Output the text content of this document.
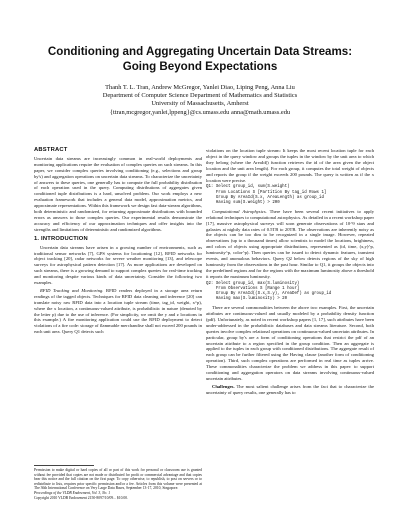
Conditioning and Aggregating Uncertain Data Streams:
Going Beyond Expectations
Thanh T. L. Tran, Andrew McGregor, Yanlei Diao, Liping Peng, Anna Liu
Department of Computer Science Department of Mathematics and Statistics
University of Massachusetts, Amherst
{ttran,mcgregor,yanlei,lppeng}@cs.umass.edu anna@math.umass.edu
ABSTRACT

Uncertain data streams are increasingly common in real-world deployments and monitoring applications require the evaluation of complex queries on such streams. In this paper, we consider complex queries involving conditioning (e.g., selections and group by's) and aggregation operations on uncertain data streams. To characterize the uncertainty of answers to these queries, one generally has to compute the full probability distribution of each operation used in the query. Computing distributions of aggregates given conditioned tuple distributions is a hard, unsolved problem. Our work employs a new evaluation framework that includes a general data model, approximation metrics, and approximate representations. Within this framework we design fast data-stream algorithms, both deterministic and randomized, for returning approximate distributions with bounded errors as answers to those complex queries. Our experimental results demonstrate the accuracy and efficiency of our approximation techniques and offer insights into the strengths and limitations of deterministic and randomized algorithms.

1. INTRODUCTION

Uncertain data streams have arisen in a growing number of environments, such as traditional sensor networks [7], GPS systems for locationing [12], RFID networks for object tracking [20], radar networks for severe weather monitoring [13], and telescope surveys for astrophysical pattern detection [17]. As more applications are developed on such streams, there is a growing demand to support complex queries for real-time tracking and monitoring despite various kinds of data uncertainty. Consider the following two examples.

RFID Tracking and Monitoring. RFID readers deployed in a storage area return readings of the tagged objects. Techniques for RFID data cleaning and inference [20] can translate noisy raw RFID data into a location tuple stream (time, tag_id, weight, x^p), where the x location, a continuous-valued attribute, is probabilistic in nature (denoted by the letter p) due to the use of inference. (For simplicity, we omit the y and z locations in this example.) A fire monitoring application could use the RFID deployment to detect violations of a fire code: storage of flammable merchandise shall not exceed 200 pounds in each unit area. Query Q1 detects such

Permission to make digital or hard copies of all or part of this work for personal or classroom use is granted without fee provided that copies are not made or distributed for profit or commercial advantage and that copies bear this notice and the full citation on the first page. To copy otherwise, to republish, to post on servers or to redistribute to lists, requires prior specific permission and/or a fee. Articles from this volume were presented at The 36th International Conference on Very Large Data Bases, September 13-17, 2010, Singapore.
Proceedings of the VLDB Endowment, Vol. 3, No. 1
Copyright 2010 VLDB Endowment 2150-8097/10/09... $10.00.

violations on the location tuple stream: It keeps the most recent location tuple for each object in the query window and groups the tuples in the window by the unit area to which they belong (where the AreaId() function retrieves the id of the area given the object location and the unit area length). For each group, it computes the total weight of objects and reports the group if the weight exceeds 200 pounds. The query is written as if the x location were precise.

Q1: Select group_id, sum(S.weight)
From Locations S [Partition By tag_id Rows 1]
Group By AreaId(S.x, AreaLength) as group_id
Having sum(S.weight) > 200

Computational Astrophysics. There have been several recent initiatives to apply relational techniques to computational astrophysics. As detailed in a recent workshop paper [17], massive astrophysical surveys will soon generate observations of 10^9 stars and galaxies at nightly data rates of 0.5TB to 20TB. The observations are inherently noisy as the objects can be too dim to be recognized in a single image. However, repeated observations (up to a thousand times) allow scientists to model the locations, brightness, and colors of objects using appropriate distributions, represented as (id, time, (x,y)^p, luminosity^p, color^p). Then queries can be issued to detect dynamic features, transient events, and anomalous behaviors. Query Q2 below detects regions of the sky of high luminosity from the observations in the past hour. Similar to Q1, it groups the objects into the predefined regions and for the regions with the maximum luminosity above a threshold it reports the maximum luminosity.

Q2: Select group_id, max(S.luminosity)
From Observations S [Range 1 hour]
Group By AreaId((S.x,S.y), AreaDef) as group_id
Having max(S.luminosity) > 20

There are several commonalities between the above two examples. First, the uncertain attributes are continuous-valued and usually modeled by a probability density function (pdf). Unfortunately, as noted in recent workshop papers [1, 17], such attributes have been under-addressed in the probabilistic databases and data streams literature. Second, both queries involve complex relational operations on continuous-valued uncertain attributes. In particular, group by's are a form of conditioning operations that restrict the pdf of an uncertain attribute to a region specified in the group condition. Then an aggregate is applied to the tuples in each group with conditioned distributions. The aggregate result of each group can be further filtered using the Having clause (another form of conditioning operation). Third, such complex operations are performed in real time as tuples arrive. These commonalities characterize the problem we address in this paper: to support conditioning and aggregation operators on data streams involving continuous-valued uncertain attributes.

Challenges. The most salient challenge arises from the fact that to characterize the uncertainty of query results, one generally has to
